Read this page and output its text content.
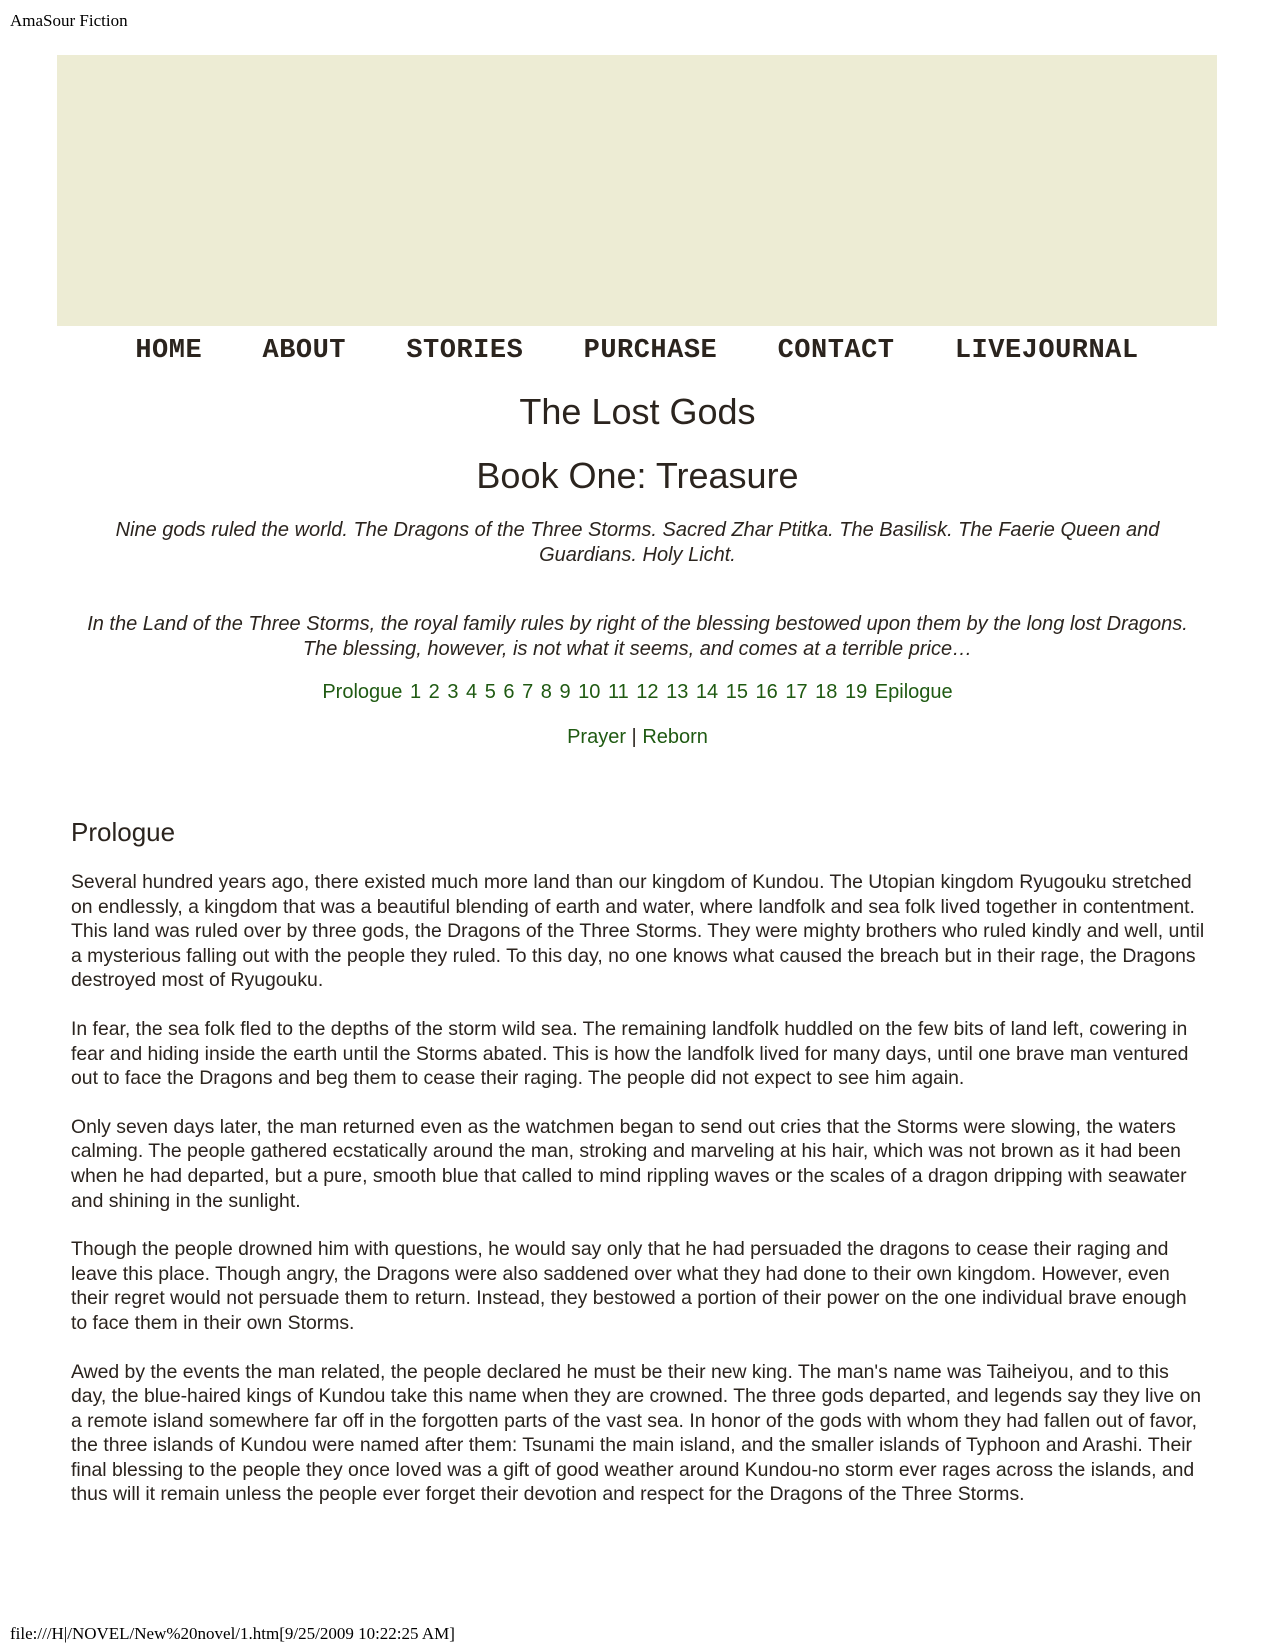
AmaSour Fiction
HOME ABOUT STORIES PURCHASE CONTACT LIVEJOURNAL
The Lost Gods
Book One: Treasure

Nine gods ruled the world. The Dragons of the Three Storms. Sacred Zhar Ptitka. The Basilisk. The Faerie Queen and Guardians. Holy Licht.

In the Land of the Three Storms, the royal family rules by right of the blessing bestowed upon them by the long lost Dragons. The blessing, however, is not what it seems, and comes at a terrible price…

Prologue 1 2 3 4 5 6 7 8 9 10 11 12 13 14 15 16 17 18 19 Epilogue
Prayer | Reborn
Prologue

Several hundred years ago, there existed much more land than our kingdom of Kundou. The Utopian kingdom Ryugouku stretched on endlessly, a kingdom that was a beautiful blending of earth and water, where landfolk and sea folk lived together in contentment. This land was ruled over by three gods, the Dragons of the Three Storms. They were mighty brothers who ruled kindly and well, until a mysterious falling out with the people they ruled. To this day, no one knows what caused the breach but in their rage, the Dragons destroyed most of Ryugouku.

In fear, the sea folk fled to the depths of the storm wild sea. The remaining landfolk huddled on the few bits of land left, cowering in fear and hiding inside the earth until the Storms abated. This is how the landfolk lived for many days, until one brave man ventured out to face the Dragons and beg them to cease their raging. The people did not expect to see him again.

Only seven days later, the man returned even as the watchmen began to send out cries that the Storms were slowing, the waters calming. The people gathered ecstatically around the man, stroking and marveling at his hair, which was not brown as it had been when he had departed, but a pure, smooth blue that called to mind rippling waves or the scales of a dragon dripping with seawater and shining in the sunlight.

Though the people drowned him with questions, he would say only that he had persuaded the dragons to cease their raging and leave this place. Though angry, the Dragons were also saddened over what they had done to their own kingdom. However, even their regret would not persuade them to return. Instead, they bestowed a portion of their power on the one individual brave enough to face them in their own Storms.

Awed by the events the man related, the people declared he must be their new king. The man's name was Taiheiyou, and to this day, the blue-haired kings of Kundou take this name when they are crowned. The three gods departed, and legends say they live on a remote island somewhere far off in the forgotten parts of the vast sea. In honor of the gods with whom they had fallen out of favor, the three islands of Kundou were named after them: Tsunami the main island, and the smaller islands of Typhoon and Arashi. Their final blessing to the people they once loved was a gift of good weather around Kundou-no storm ever rages across the islands, and thus will it remain unless the people ever forget their devotion and respect for the Dragons of the Three Storms.

file:///H|/NOVEL/New%20novel/1.htm[9/25/2009 10:22:25 AM]
